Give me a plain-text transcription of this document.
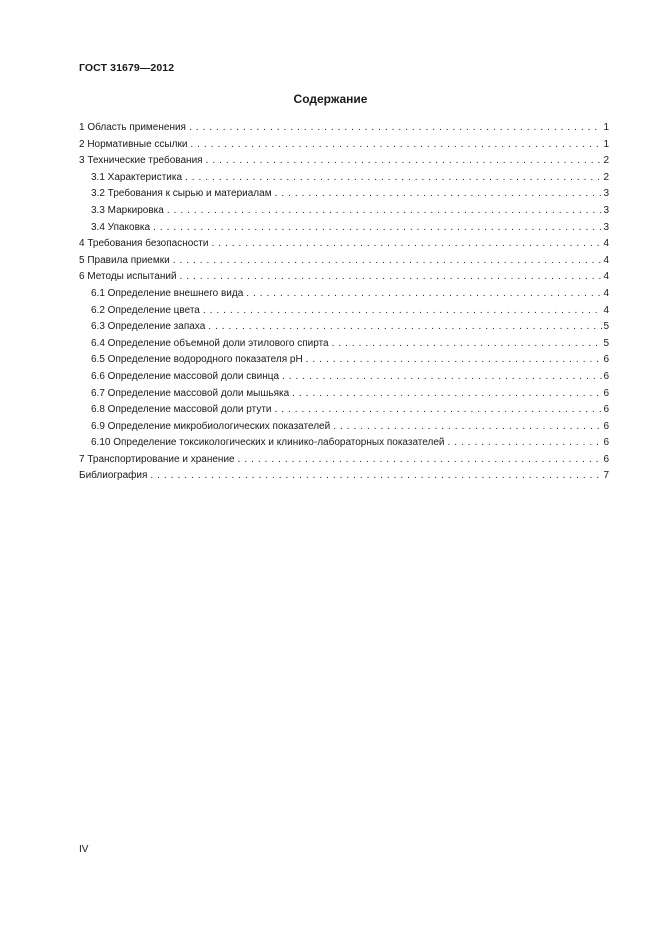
ГОСТ 31679—2012
Содержание
1 Область применения . . .	1
2 Нормативные ссылки . . .	1
3 Технические требования . . .	2
3.1 Характеристика . . .	2
3.2 Требования к сырью и материалам . . .	3
3.3 Маркировка . . .	3
3.4 Упаковка . . .	3
4 Требования безопасности . . .	4
5 Правила приемки . . .	4
6 Методы испытаний . . .	4
6.1 Определение внешнего вида . . .	4
6.2 Определение цвета . . .	4
6.3 Определение запаха . . .	5
6.4 Определение объемной доли этилового спирта . . .	5
6.5 Определение водородного показателя pH . . .	6
6.6 Определение массовой доли свинца . . .	6
6.7 Определение массовой доли мышьяка . . .	6
6.8 Определение массовой доли ртути . . .	6
6.9 Определение микробиологических показателей . . .	6
6.10 Определение токсикологических и клинико-лабораторных показателей . . .	6
7 Транспортирование и хранение . . .	6
Библиография . . .	7
IV
